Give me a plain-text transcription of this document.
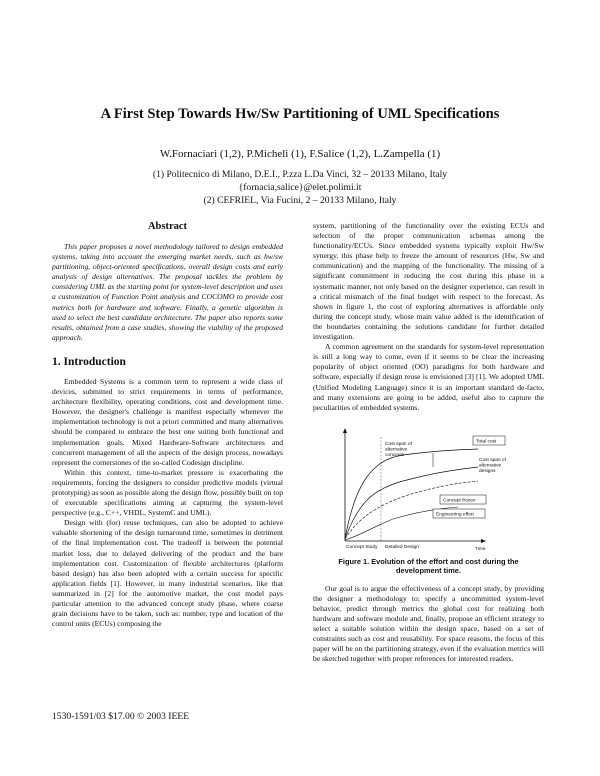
A First Step Towards Hw/Sw Partitioning of UML Specifications
W.Fornaciari (1,2), P.Micheli (1), F.Salice (1,2), L.Zampella (1)
(1) Politecnico di Milano, D.E.I., P.zza L.Da Vinci, 32 – 20133 Milano, Italy
{fornacia,salice}@elet.polimi.it
(2) CEFRIEL, Via Fucini, 2 – 20133 Milano, Italy
Abstract

This paper proposes a novel methodology tailored to design embedded systems, taking into account the emerging market needs, such as hw/sw partitioning, object-oriented specifications, overall design costs and early analysis of design alternatives. The proposal tackles the problem by considering UML as the starting point for system-level description and uses a customization of Function Point analysis and COCOMO to provide cost metrics both for hardware and software. Finally, a genetic algorithm is used to select the best candidate architecture. The paper also reports some results, obtained from a case studies, showing the viability of the proposed approach.

1. Introduction

Embedded Systems is a common term to represent a wide class of devices, submitted to strict requirements in terms of performance, architecture flexibility, operating conditions, cost and development time. However, the designer's challenge is manifest especially whenever the implementation technology is not a priori committed and many alternatives should be compared to embrace the best one suiting both functional and implementation goals. Mixed Hardware-Software architectures and concurrent management of all the aspects of the design process, nowadays represent the cornerstones of the so-called Codesign discipline.

Within this context, time-to-market pressure is exacerbating the requirements, forcing the designers to consider predictive models (virtual prototyping) as soon as possible along the design flow, possibly built on top of executable specifications aiming at capturing the system-level perspective (e.g., C++, VHDL, SystemC and UML).

Design with (for) reuse techniques, can also be adopted to achieve valuable shortening of the design turnaround time, sometimes in detriment of the final implementation cost. The tradeoff is between the potential market loss, due to delayed delivering of the product and the bare implementation cost. Customization of flexible architectures (platform based design) has also been adopted with a certain success for specific application fields [1]. However, in many industrial scenarios, like that summarized in [2] for the automotive market, the cost model pays particular attention to the advanced concept study phase, where coarse grain decisions have to be taken, such as: number, type and location of the control units (ECUs) composing the

system, partitioning of the functionality over the existing ECUs and selection of the proper communication schemas among the functionality/ECUs. Since embedded systems typically exploit Hw/Sw synergy, this phase help to freeze the amount of resources (Hw, Sw and communication) and the mapping of the functionality. The missing of a significant commitment in reducing the cost during this phase in a systematic manner, not only based on the designer experience, can result in a critical mismatch of the final budget with respect to the forecast. As shown in figure 1, the cost of exploring alternatives is affordable only during the concept study, whose main value added is the identification of the boundaries containing the solutions candidate for further detailed investigation.

A common agreement on the standards for system-level representation is still a long way to come, even if it seems to be clear the increasing popularity of object oriented (OO) paradigms for both hardware and software, especially if design reuse is envisioned [3] [1]. We adopted UML (Unified Modeling Language) since it is an important standard de-facto, and many extensions are going to be added, useful also to capture the peculiarities of embedded systems.

Cost span of
alternative
concepts
Total cost
Cost span of
alternative
designs
Concept frozen
Engineering effort
Concept Study Detailed Design	Time
Figure 1. Evolution of the effort and cost during the development time.

Our goal is to argue the effectiveness of a concept study, by providing the designer a methodology to: specify a uncommitted system-level behavior, predict through metrics the global cost for realizing both hardware and software module and, finally, propose an efficient strategy to select a suitable solution within the design space, based on a set of constraints such as cost and reusability. For space reasons, the focus of this paper will be on the partitioning strategy, even if the evaluation metrics will be sketched together with proper references for interested readers.

1530-1591/03 $17.00 © 2003 IEEE
